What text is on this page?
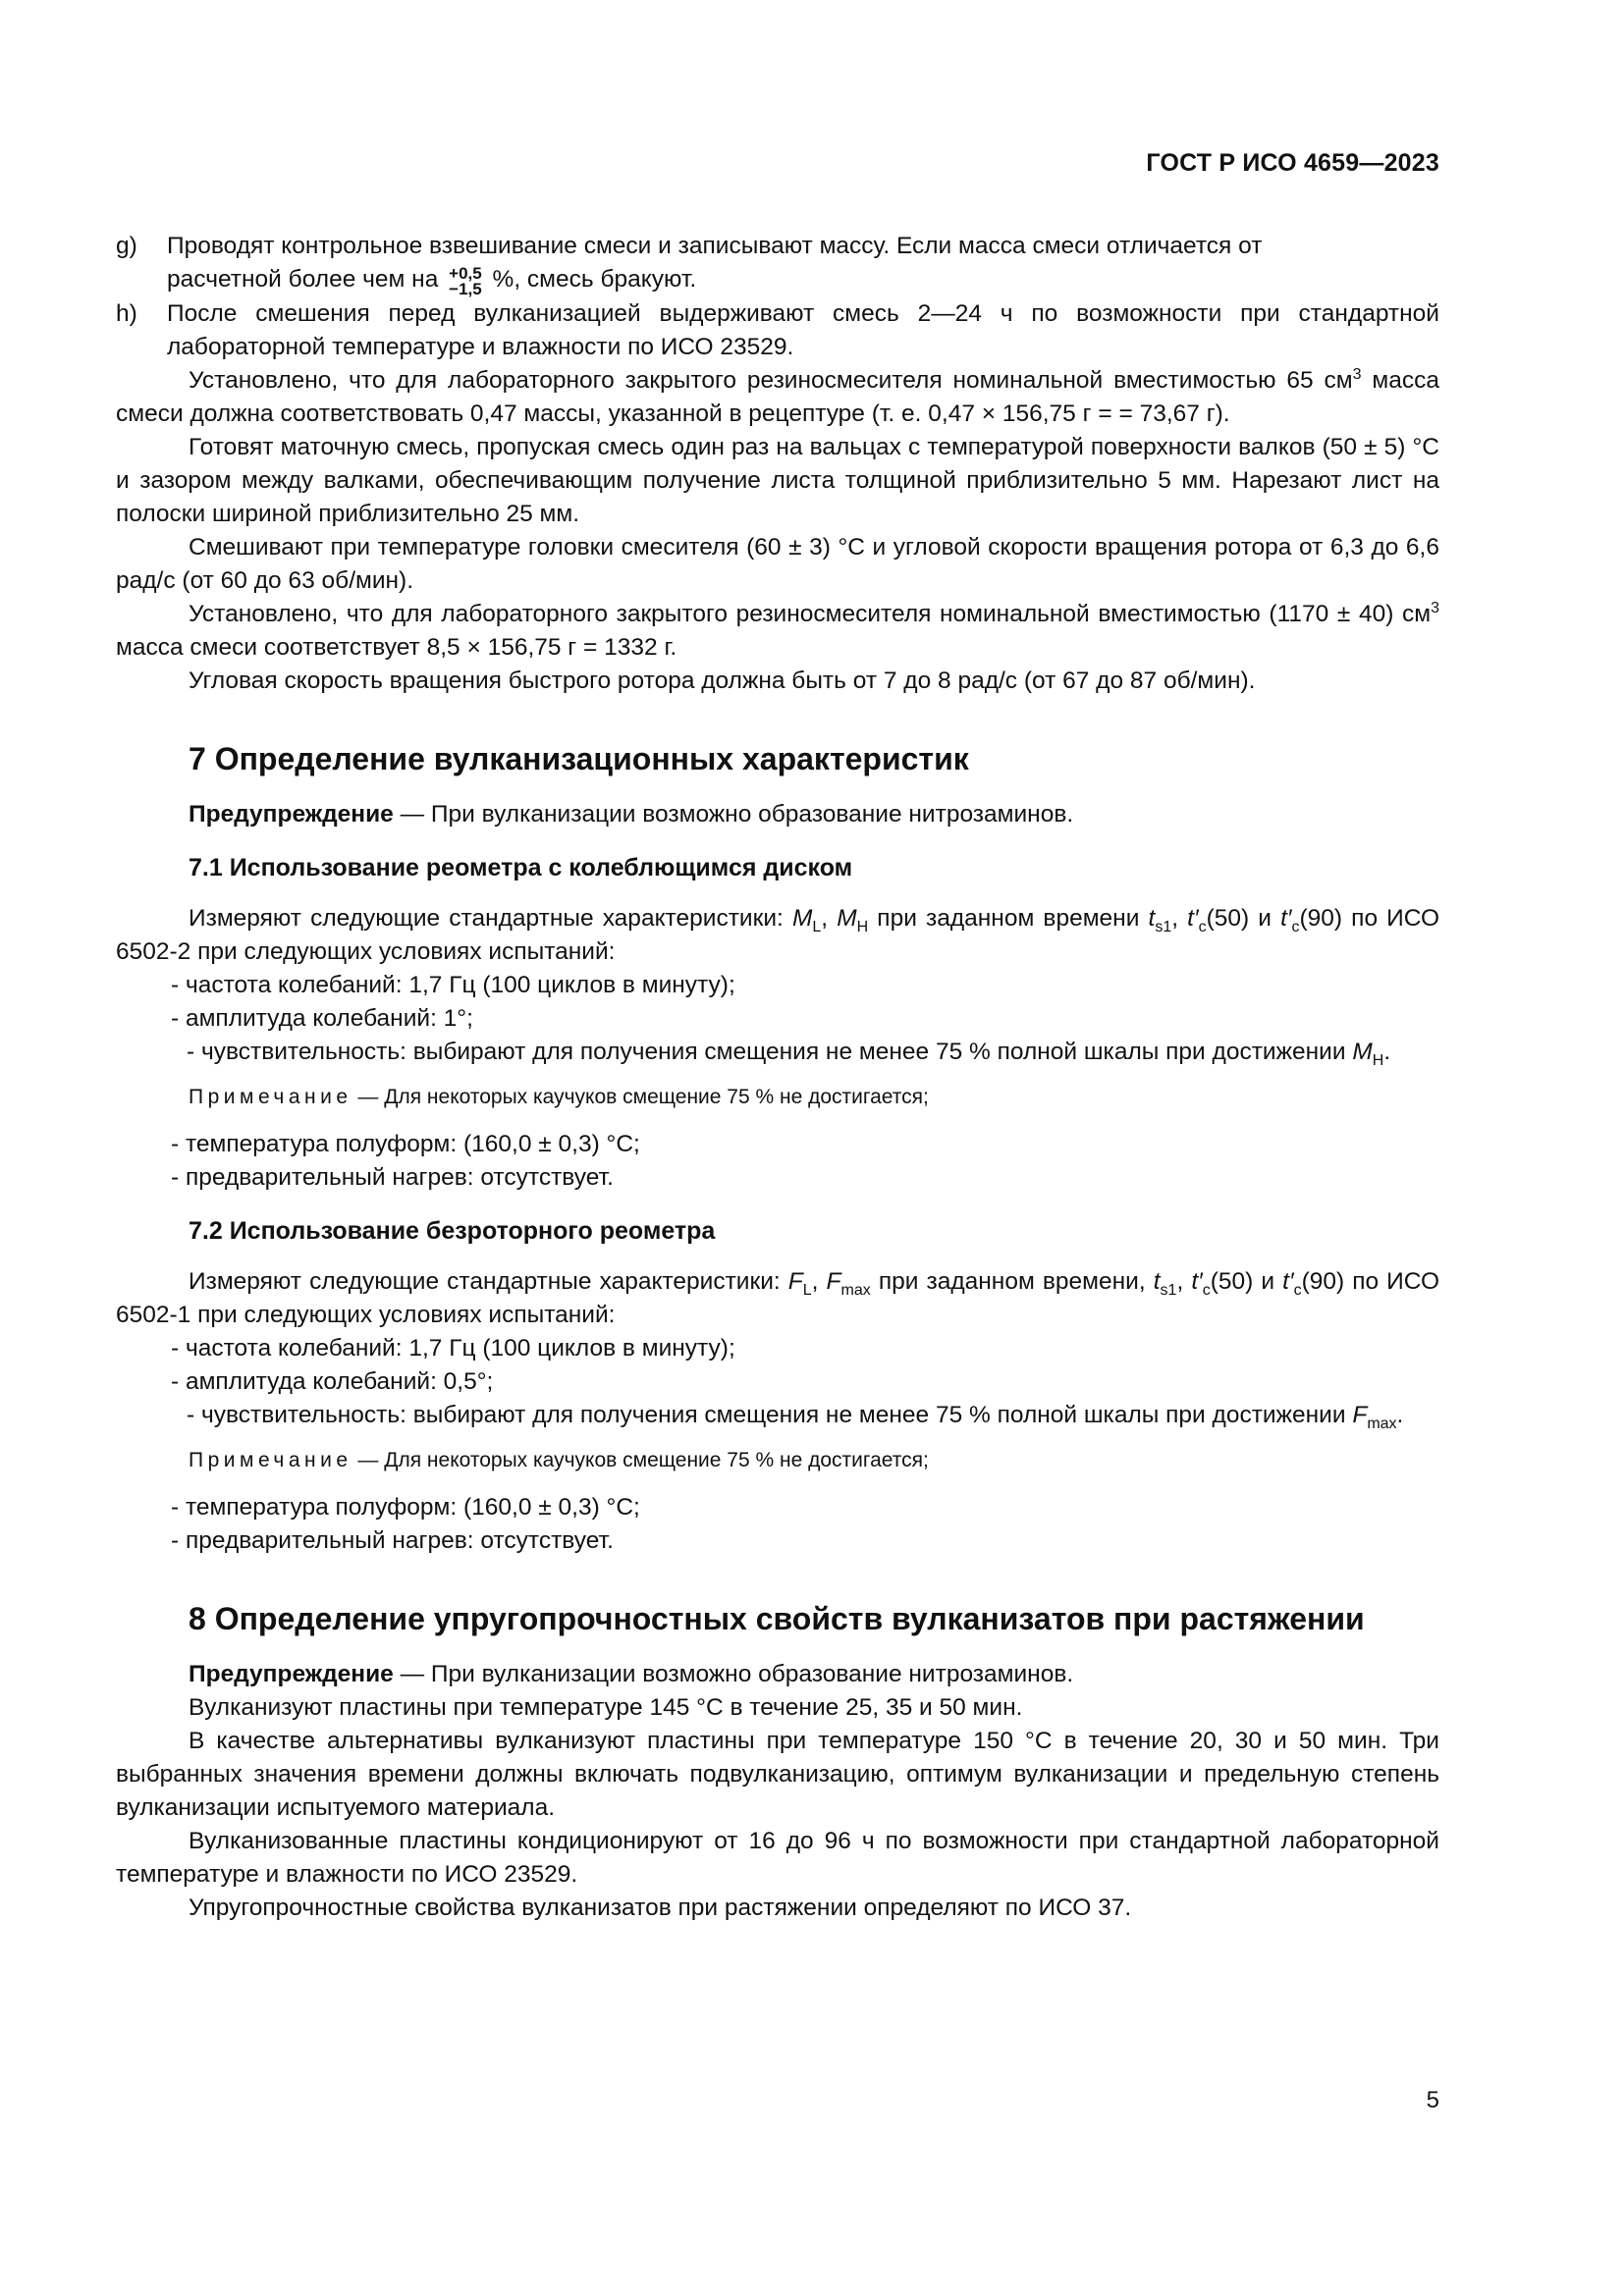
ГОСТ Р ИСО 4659—2023

g) Проводят контрольное взвешивание смеси и записывают массу. Если масса смеси отличается от
расчетной более чем на +0,5
−1,5 %, смесь бракуют.

h) После смешения перед вулканизацией выдерживают смесь 2—24 ч по возможности при стандартной лабораторной температуре и влажности по ИСО 23529.

Установлено, что для лабораторного закрытого резиносмесителя номинальной вместимостью 65 $см^3$ масса смеси должна соответствовать 0,47 массы, указанной в рецептуре (т. е. 0,47 × 156,75 г = = 73,67 г).

Готовят маточную смесь, пропуская смесь один раз на вальцах с температурой поверхности валков (50 ± 5) °С и зазором между валками, обеспечивающим получение листа толщиной приблизительно 5 мм. Нарезают лист на полоски шириной приблизительно 25 мм.

Смешивают при температуре головки смесителя (60 ± 3) °С и угловой скорости вращения ротора от 6,3 до 6,6 рад/с (от 60 до 63 об/мин).

Установлено, что для лабораторного закрытого резиносмесителя номинальной вместимостью (1170 ± 40) $см^3$ масса смеси соответствует 8,5 × 156,75 г = 1332 г.

Угловая скорость вращения быстрого ротора должна быть от 7 до 8 рад/с (от 67 до 87 об/мин).

7 Определение вулканизационных характеристик

Предупреждение — При вулканизации возможно образование нитрозаминов.

7.1 Использование реометра с колеблющимся диском

Измеряют следующие стандартные характеристики: $M_L$, $M_H$ при заданном времени $t_{s1}$, $t'_c(50)$ и $t'_c(90)$ по ИСО 6502-2 при следующих условиях испытаний:

- частота колебаний: 1,7 Гц (100 циклов в минуту);

- амплитуда колебаний: 1°;

- чувствительность: выбирают для получения смещения не менее 75 % полной шкалы при достижении $M_H$.

Примечание — Для некоторых каучуков смещение 75 % не достигается;

- температура полуформ: (160,0 ± 0,3) °С;

- предварительный нагрев: отсутствует.

7.2 Использование безроторного реометра

Измеряют следующие стандартные характеристики: $F_L$, $F_{max}$ при заданном времени, $t_{s1}$, $t'_c(50)$ и $t'_c(90)$ по ИСО 6502-1 при следующих условиях испытаний:

- частота колебаний: 1,7 Гц (100 циклов в минуту);

- амплитуда колебаний: 0,5°;

- чувствительность: выбирают для получения смещения не менее 75 % полной шкалы при достижении $F_{max}$.

Примечание — Для некоторых каучуков смещение 75 % не достигается;

- температура полуформ: (160,0 ± 0,3) °С;

- предварительный нагрев: отсутствует.

8 Определение упругопрочностных свойств вулканизатов при растяжении

Предупреждение — При вулканизации возможно образование нитрозаминов.

Вулканизуют пластины при температуре 145 °С в течение 25, 35 и 50 мин.

В качестве альтернативы вулканизуют пластины при температуре 150 °С в течение 20, 30 и 50 мин. Три выбранных значения времени должны включать подвулканизацию, оптимум вулканизации и предельную степень вулканизации испытуемого материала.

Вулканизованные пластины кондиционируют от 16 до 96 ч по возможности при стандартной лабораторной температуре и влажности по ИСО 23529.

Упругопрочностные свойства вулканизатов при растяжении определяют по ИСО 37.

5
